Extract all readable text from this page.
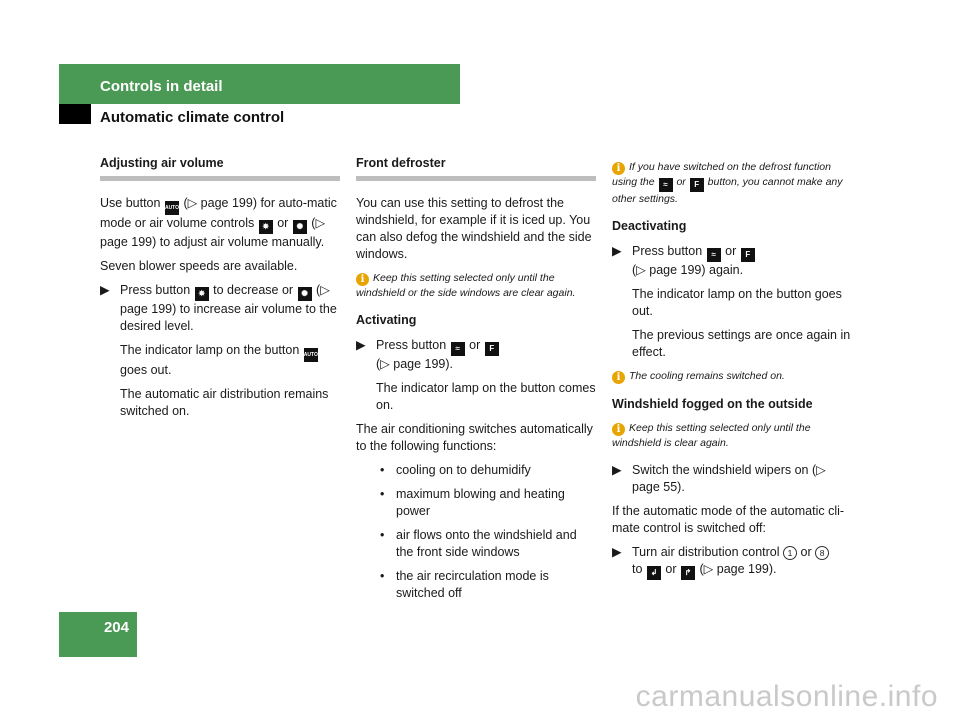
Controls in detail
Automatic climate control
Adjusting air volume

Use button AUTO (▷ page 199) for auto-matic mode or air volume controls ✵ or ✺ (▷ page 199) to adjust air volume manually.

Seven blower speeds are available.

▶ Press button ✵ to decrease or ✺ (▷ page 199) to increase air volume to the desired level.
The indicator lamp on the button AUTO goes out.
The automatic air distribution remains switched on.
Front defroster

You can use this setting to defrost the windshield, for example if it is iced up. You can also defog the windshield and the side windows.

i Keep this setting selected only until the windshield or the side windows are clear again.
Activating
▶ Press button ≈ or F
(▷ page 199).
The indicator lamp on the button comes on.

The air conditioning switches automatically to the following functions:

• cooling on to dehumidify
• maximum blowing and heating power
• air flows onto the windshield and the front side windows
• the air recirculation mode is switched off
i If you have switched on the defrost function using the ≈ or F button, you cannot make any other settings.
Deactivating
▶ Press button ≈ or F
(▷ page 199) again.
The indicator lamp on the button goes out.
The previous settings are once again in effect.
i The cooling remains switched on.
Windshield fogged on the outside
i Keep this setting selected only until the windshield is clear again.
▶ Switch the windshield wipers on (▷ page 55).

If the automatic mode of the automatic cli-mate control is switched off:

▶ Turn air distribution control 1 or 8
to ↲ or ↱ (▷ page 199).
204
carmanualsonline.info
